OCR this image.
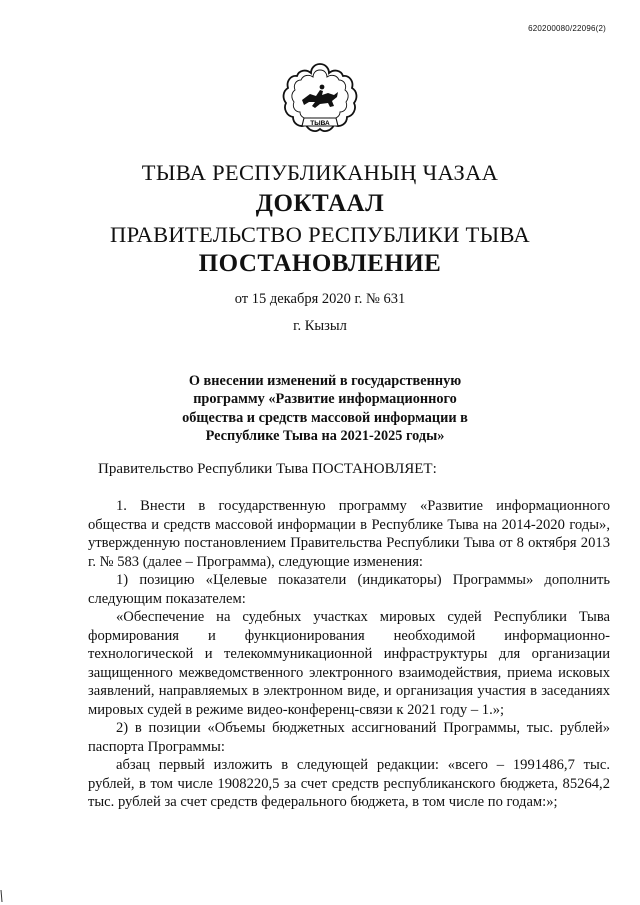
620200080/22096(2)
ТЫВА
ТЫВА РЕСПУБЛИКАНЫҢ ЧАЗАА
ДОКТААЛ
ПРАВИТЕЛЬСТВО РЕСПУБЛИКИ ТЫВА
ПОСТАНОВЛЕНИЕ
от 15 декабря 2020 г. № 631
г. Кызыл
О внесении изменений в государственную программу «Развитие информационного общества и средств массовой информации в Республике Тыва на 2021-2025 годы»
Правительство Республики Тыва ПОСТАНОВЛЯЕТ:

1. Внести в государственную программу «Развитие информационного общества и средств массовой информации в Республике Тыва на 2014-2020 годы», утвержденную постановлением Правительства Республики Тыва от 8 октября 2013 г. № 583 (далее – Программа), следующие изменения:

1) позицию «Целевые показатели (индикаторы) Программы» дополнить следующим показателем:

«Обеспечение на судебных участках мировых судей Республики Тыва формирования и функционирования необходимой информационно-технологической и телекоммуникационной инфраструктуры для организации защищенного межведомственного электронного взаимодействия, приема исковых заявлений, направляемых в электронном виде, и организация участия в заседаниях мировых судей в режиме видео-конференц-связи к 2021 году – 1.»;

2) в позиции «Объемы бюджетных ассигнований Программы, тыс. рублей» паспорта Программы:

абзац первый изложить в следующей редакции: «всего – 1991486,7 тыс. рублей, в том числе 1908220,5 за счет средств республиканского бюджета, 85264,2 тыс. рублей за счет средств федерального бюджета, в том числе по годам:»;
